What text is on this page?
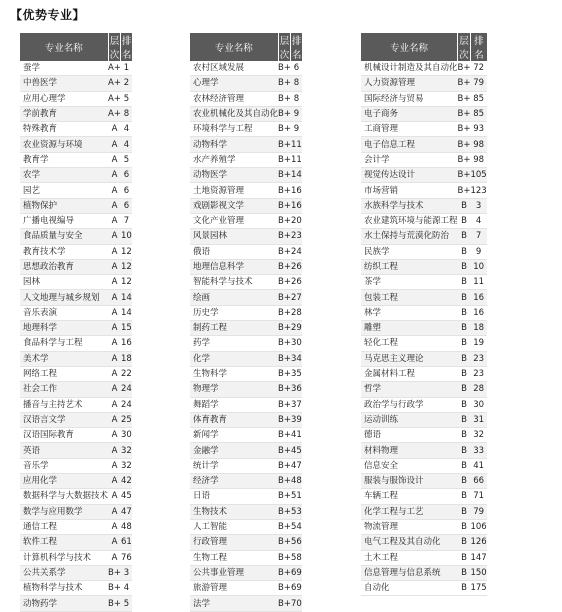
【优势专业】
专业名称	层次	排名
蚕学	A+	1
中兽医学	A+	2
应用心理学	A+	5
学前教育	A+	8
特殊教育	A	4
农业资源与环境	A	4
教育学	A	5
农学	A	6
园艺	A	6
植物保护	A	6
广播电视编导	A	7
食品质量与安全	A	10
教育技术学	A	12
思想政治教育	A	12
园林	A	12
人文地理与城乡规划	A	14
音乐表演	A	14
地理科学	A	15
食品科学与工程	A	16
美术学	A	18
网络工程	A	22
社会工作	A	24
播音与主持艺术	A	24
汉语言文学	A	25
汉语国际教育	A	30
英语	A	32
音乐学	A	32
应用化学	A	42
数据科学与大数据技术	A	45
数学与应用数学	A	47
通信工程	A	48
软件工程	A	61
计算机科学与技术	A	76
公共关系学	B+	3
植物科学与技术	B+	4
动物药学	B+	5
专业名称	层次	排名
农村区域发展	B+	6
心理学	B+	8
农林经济管理	B+	8
农业机械化及其自动化	B+	9
环境科学与工程	B+	9
动物科学	B+	11
水产养殖学	B+	11
动物医学	B+	14
土地资源管理	B+	16
戏剧影视文学	B+	16
文化产业管理	B+	20
风景园林	B+	23
俄语	B+	24
地理信息科学	B+	26
智能科学与技术	B+	26
绘画	B+	27
历史学	B+	28
制药工程	B+	29
药学	B+	30
化学	B+	34
生物科学	B+	35
物理学	B+	36
舞蹈学	B+	37
体育教育	B+	39
新闻学	B+	41
金融学	B+	45
统计学	B+	47
经济学	B+	48
日语	B+	51
生物技术	B+	53
人工智能	B+	54
行政管理	B+	56
生物工程	B+	58
公共事业管理	B+	69
旅游管理	B+	69
法学	B+	70
专业名称	层次	排名
机械设计制造及其自动化	B+	72
人力资源管理	B+	79
国际经济与贸易	B+	85
电子商务	B+	85
工商管理	B+	93
电子信息工程	B+	98
会计学	B+	98
视觉传达设计	B+	105
市场营销	B+	123
水族科学与技术	B	3
农业建筑环境与能源工程	B	4
水土保持与荒漠化防治	B	7
民族学	B	9
纺织工程	B	10
茶学	B	11
包装工程	B	16
林学	B	16
雕塑	B	18
轻化工程	B	19
马克思主义理论	B	23
金属材料工程	B	23
哲学	B	28
政治学与行政学	B	30
运动训练	B	31
德语	B	32
材料物理	B	33
信息安全	B	41
服装与服饰设计	B	66
车辆工程	B	71
化学工程与工艺	B	79
物流管理	B	106
电气工程及其自动化	B	126
土木工程	B	147
信息管理与信息系统	B	150
自动化	B	175
